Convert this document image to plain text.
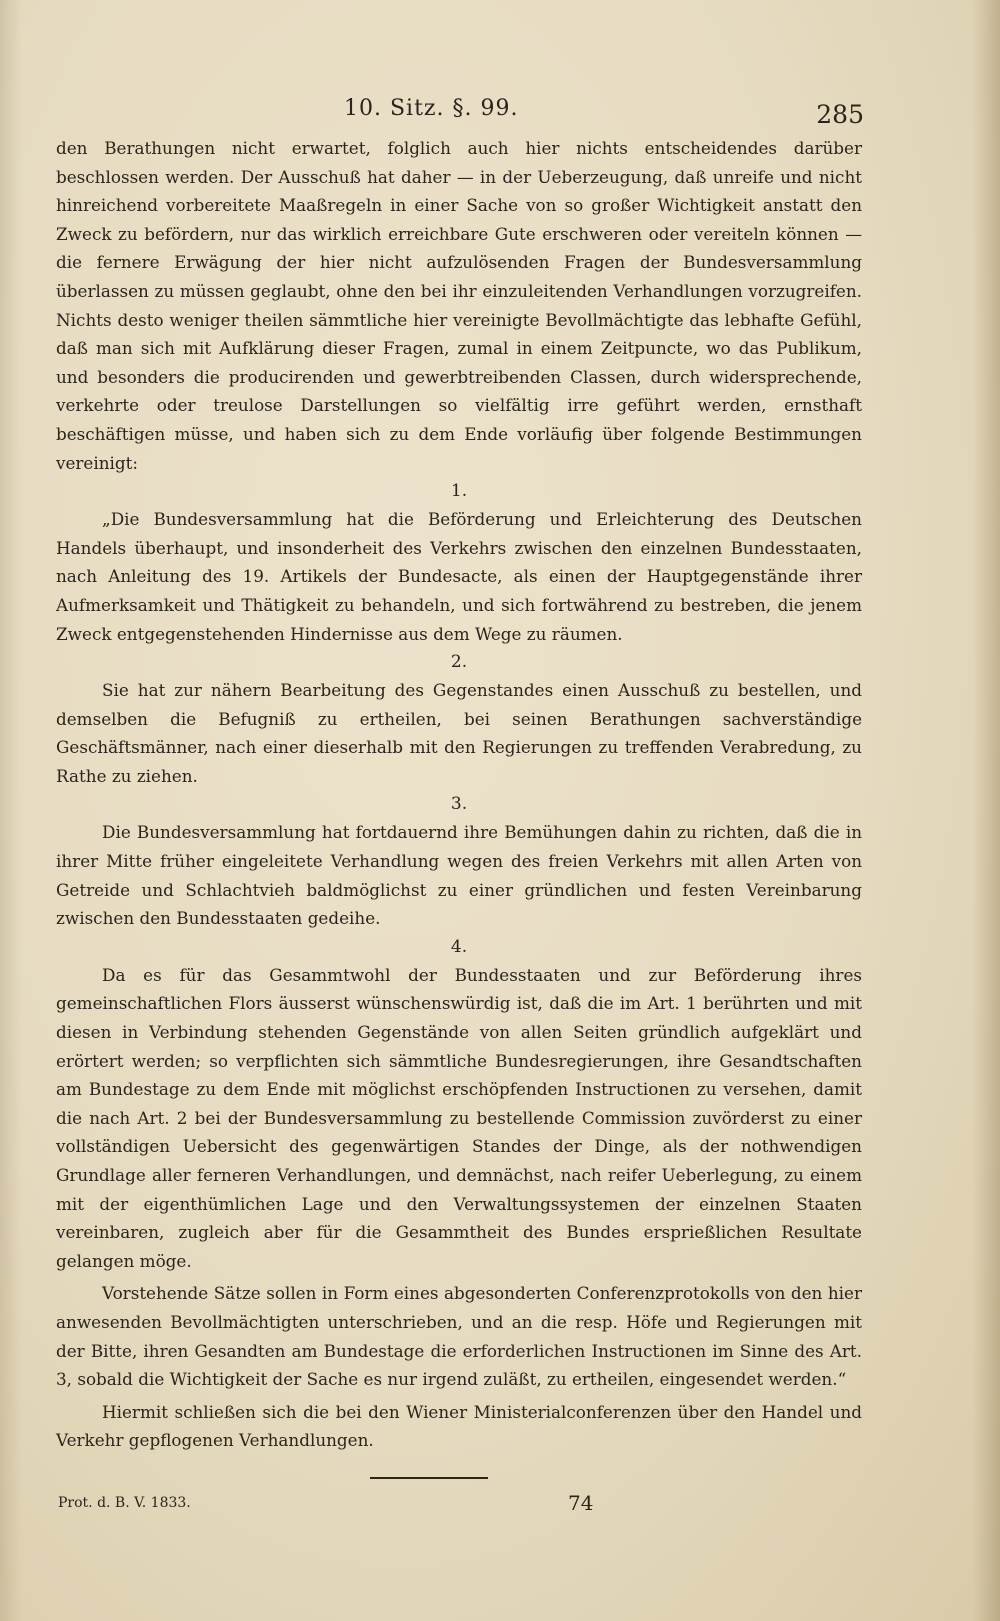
10. Sitz. §. 99.	285

den Berathungen nicht erwartet, folglich auch hier nichts entscheidendes darüber beschlossen werden. Der Ausschuß hat daher — in der Ueberzeugung, daß unreife und nicht hinreichend vorbereitete Maaßregeln in einer Sache von so großer Wichtigkeit anstatt den Zweck zu befördern, nur das wirklich erreichbare Gute erschweren oder vereiteln können — die fernere Erwägung der hier nicht aufzulösenden Fragen der Bundesversammlung überlassen zu müssen geglaubt, ohne den bei ihr einzuleitenden Verhandlungen vorzugreifen. Nichts desto weniger theilen sämmtliche hier vereinigte Bevollmächtigte das lebhafte Gefühl, daß man sich mit Aufklärung dieser Fragen, zumal in einem Zeitpuncte, wo das Publikum, und besonders die producirenden und gewerbtreibenden Classen, durch widersprechende, verkehrte oder treulose Darstellungen so vielfältig irre geführt werden, ernsthaft beschäftigen müsse, und haben sich zu dem Ende vorläufig über folgende Bestimmungen vereinigt:

1.

„Die Bundesversammlung hat die Beförderung und Erleichterung des Deutschen Handels überhaupt, und insonderheit des Verkehrs zwischen den einzelnen Bundesstaaten, nach Anleitung des 19. Artikels der Bundesacte, als einen der Hauptgegenstände ihrer Aufmerksamkeit und Thätigkeit zu behandeln, und sich fortwährend zu bestreben, die jenem Zweck entgegenstehenden Hindernisse aus dem Wege zu räumen.

2.

Sie hat zur nähern Bearbeitung des Gegenstandes einen Ausschuß zu bestellen, und demselben die Befugniß zu ertheilen, bei seinen Berathungen sachverständige Geschäftsmänner, nach einer dieserhalb mit den Regierungen zu treffenden Verabredung, zu Rathe zu ziehen.

3.

Die Bundesversammlung hat fortdauernd ihre Bemühungen dahin zu richten, daß die in ihrer Mitte früher eingeleitete Verhandlung wegen des freien Verkehrs mit allen Arten von Getreide und Schlachtvieh baldmöglichst zu einer gründlichen und festen Vereinbarung zwischen den Bundesstaaten gedeihe.

4.

Da es für das Gesammtwohl der Bundesstaaten und zur Beförderung ihres gemeinschaftlichen Flors äusserst wünschenswürdig ist, daß die im Art. 1 berührten und mit diesen in Verbindung stehenden Gegenstände von allen Seiten gründlich aufgeklärt und erörtert werden; so verpflichten sich sämmtliche Bundesregierungen, ihre Gesandtschaften am Bundestage zu dem Ende mit möglichst erschöpfenden Instructionen zu versehen, damit die nach Art. 2 bei der Bundesversammlung zu bestellende Commission zuvörderst zu einer vollständigen Uebersicht des gegenwärtigen Standes der Dinge, als der nothwendigen Grundlage aller ferneren Verhandlungen, und demnächst, nach reifer Ueberlegung, zu einem mit der eigenthümlichen Lage und den Verwaltungssystemen der einzelnen Staaten vereinbaren, zugleich aber für die Gesammtheit des Bundes ersprießlichen Resultate gelangen möge.

Vorstehende Sätze sollen in Form eines abgesonderten Conferenzprotokolls von den hier anwesenden Bevollmächtigten unterschrieben, und an die resp. Höfe und Regierungen mit der Bitte, ihren Gesandten am Bundestage die erforderlichen Instructionen im Sinne des Art. 3, sobald die Wichtigkeit der Sache es nur irgend zuläßt, zu ertheilen, eingesendet werden.“

Hiermit schließen sich die bei den Wiener Ministerialconferenzen über den Handel und Verkehr gepflogenen Verhandlungen.

Prot. d. B. V. 1833.	74
